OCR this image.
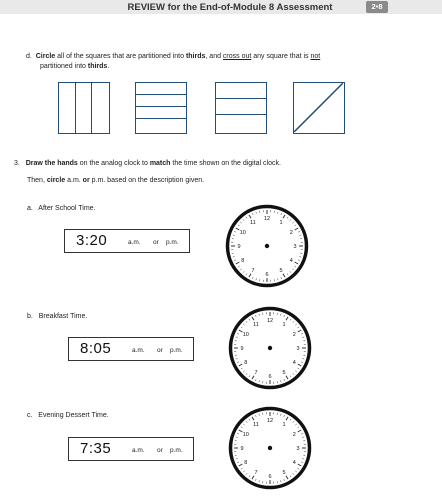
REVIEW for the End-of-Module 8 Assessment	2•8
d. Circle all of the squares that are partitioned into thirds, and cross out any square that is not
partitioned into thirds.
3. Draw the hands on the analog clock to match the time shown on the digital clock.
Then, circle a.m. or p.m. based on the description given.
a. After School Time.
3:20	a.m. or p.m.
12
1
2
3
4
5
6
7
8
9
10
11
b. Breakfast Time.
8:05	a.m. or p.m.
12
1
2
3
4
5
6
7
8
9
10
11
c. Evening Dessert Time.
7:35	a.m. or p.m.
12
1
2
3
4
5
6
7
8
9
10
11
